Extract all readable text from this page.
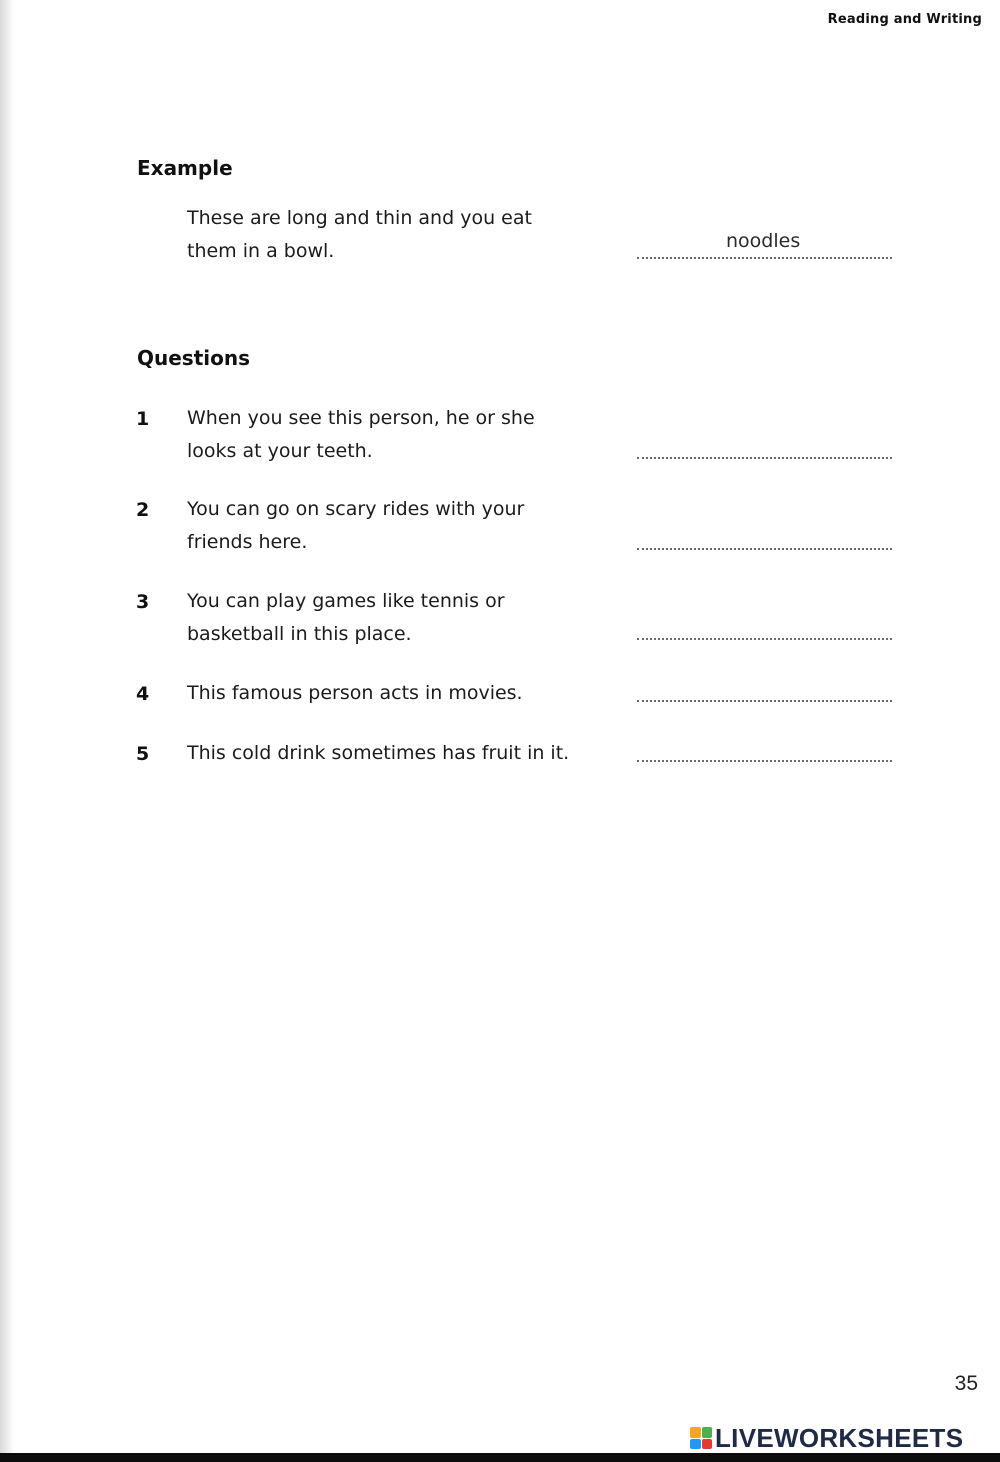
Reading and Writing
Example
These are long and thin and you eat
them in a bowl.	noodles
Questions
1 When you see this person, he or she
looks at your teeth.
2 You can go on scary rides with your
friends here.
3 You can play games like tennis or
basketball in this place.
4 This famous person acts in movies.
5 This cold drink sometimes has fruit in it.
35
LIVEWORKSHEETS
